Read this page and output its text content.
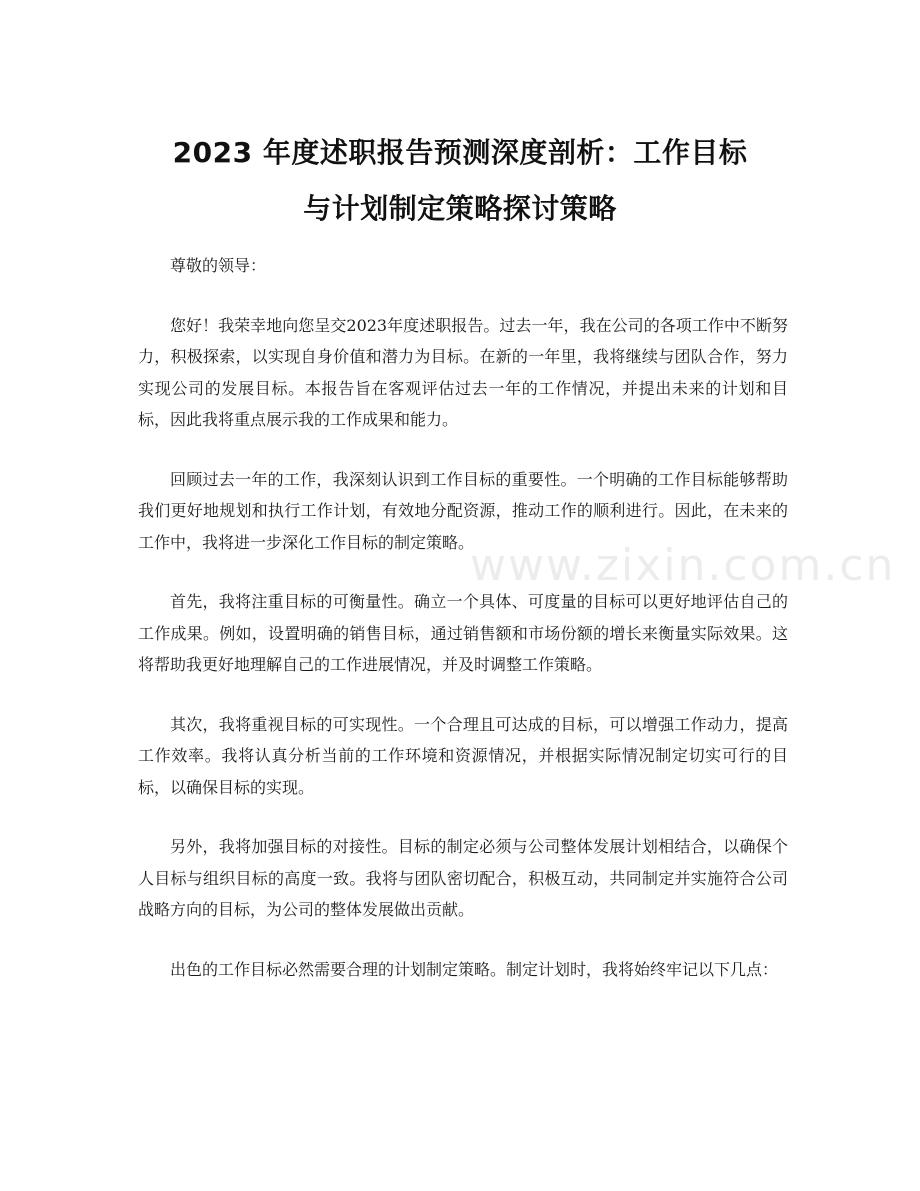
2023 年度述职报告预测深度剖析：工作目标
与计划制定策略探讨策略

尊敬的领导：

您好！我荣幸地向您呈交2023年度述职报告。过去一年，我在公司的各项工作中不断努力，积极探索，以实现自身价值和潜力为目标。在新的一年里，我将继续与团队合作，努力实现公司的发展目标。本报告旨在客观评估过去一年的工作情况，并提出未来的计划和目标，因此我将重点展示我的工作成果和能力。

回顾过去一年的工作，我深刻认识到工作目标的重要性。一个明确的工作目标能够帮助我们更好地规划和执行工作计划，有效地分配资源，推动工作的顺利进行。因此，在未来的工作中，我将进一步深化工作目标的制定策略。

首先，我将注重目标的可衡量性。确立一个具体、可度量的目标可以更好地评估自己的工作成果。例如，设置明确的销售目标，通过销售额和市场份额的增长来衡量实际效果。这将帮助我更好地理解自己的工作进展情况，并及时调整工作策略。

其次，我将重视目标的可实现性。一个合理且可达成的目标，可以增强工作动力，提高工作效率。我将认真分析当前的工作环境和资源情况，并根据实际情况制定切实可行的目标，以确保目标的实现。

另外，我将加强目标的对接性。目标的制定必须与公司整体发展计划相结合，以确保个人目标与组织目标的高度一致。我将与团队密切配合，积极互动，共同制定并实施符合公司战略方向的目标，为公司的整体发展做出贡献。

出色的工作目标必然需要合理的计划制定策略。制定计划时，我将始终牢记以下几点：

www.zixin.com.cn
